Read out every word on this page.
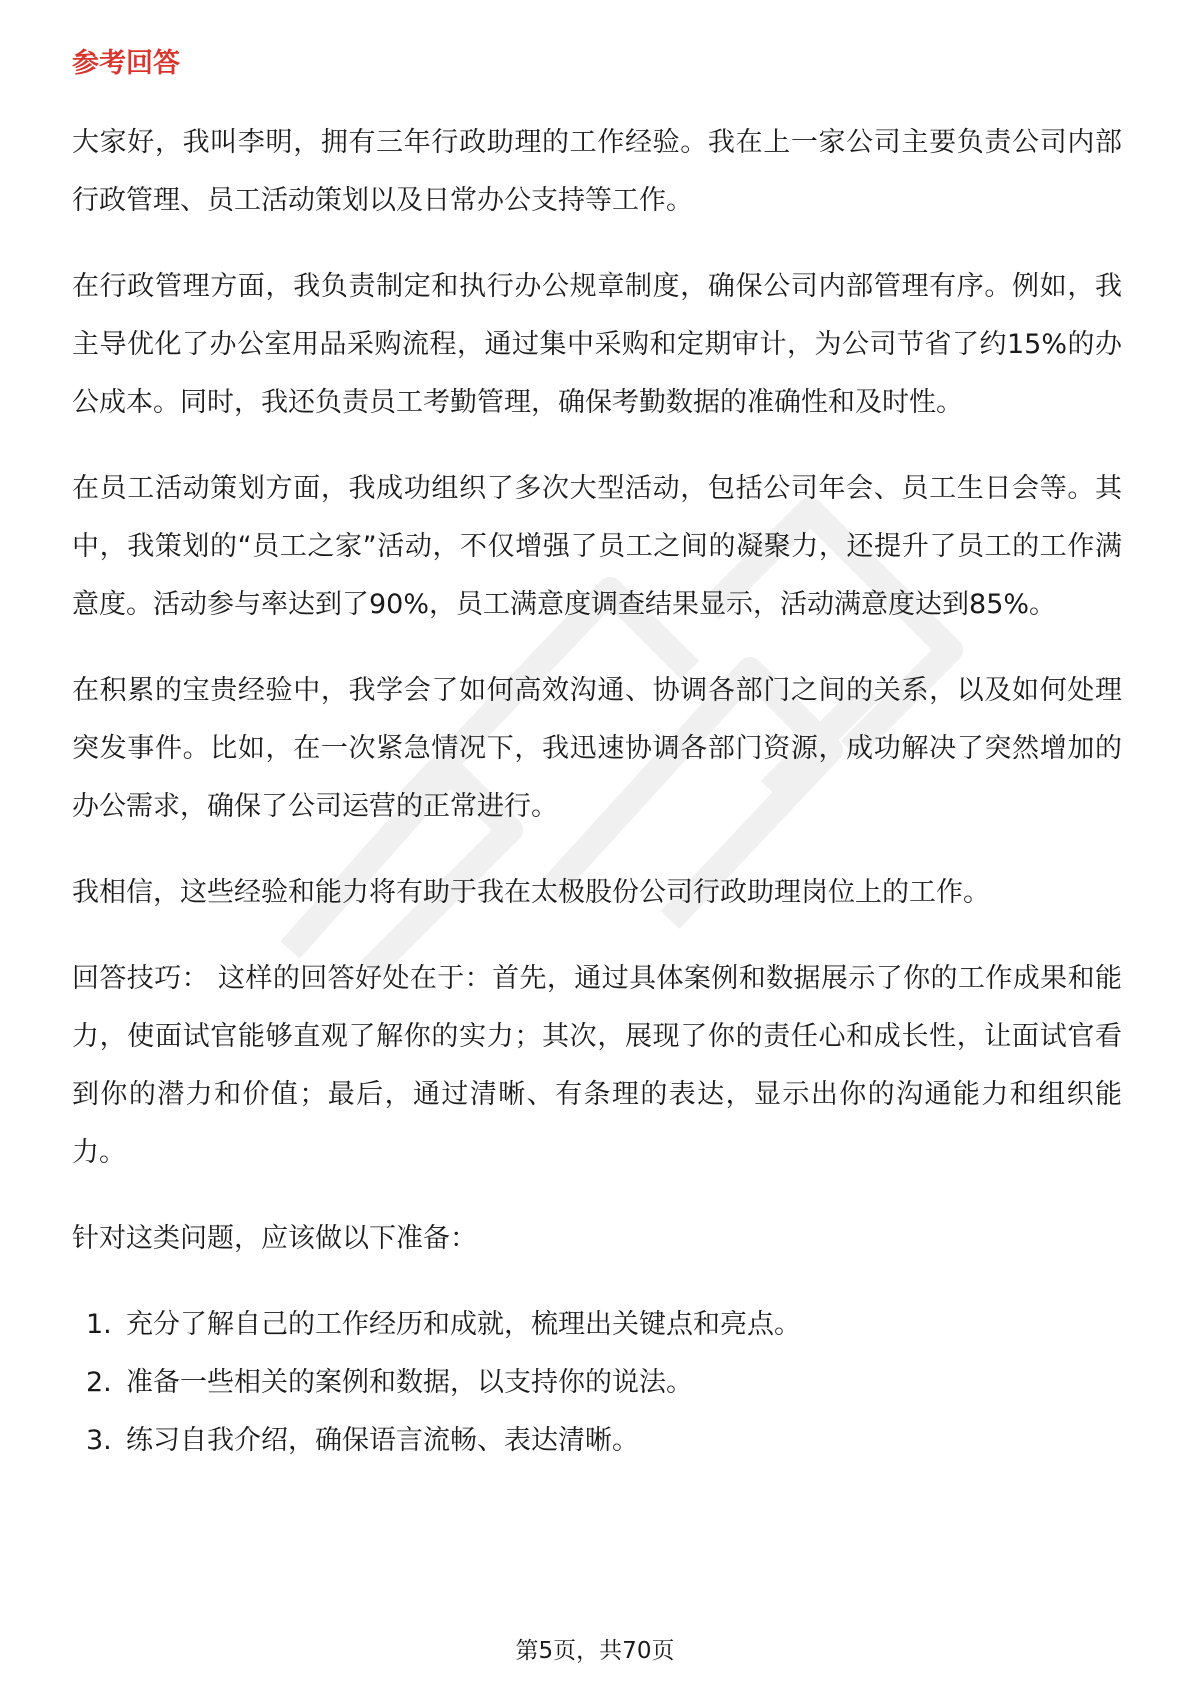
参考回答

大家好，我叫李明，拥有三年行政助理的工作经验。我在上一家公司主要负责公司内部行政管理、员工活动策划以及日常办公支持等工作。

在行政管理方面，我负责制定和执行办公规章制度，确保公司内部管理有序。例如，我主导优化了办公室用品采购流程，通过集中采购和定期审计，为公司节省了约15%的办公成本。同时，我还负责员工考勤管理，确保考勤数据的准确性和及时性。

在员工活动策划方面，我成功组织了多次大型活动，包括公司年会、员工生日会等。其中，我策划的“员工之家”活动，不仅增强了员工之间的凝聚力，还提升了员工的工作满意度。活动参与率达到了90%，员工满意度调查结果显示，活动满意度达到85%。

在积累的宝贵经验中，我学会了如何高效沟通、协调各部门之间的关系，以及如何处理突发事件。比如，在一次紧急情况下，我迅速协调各部门资源，成功解决了突然增加的办公需求，确保了公司运营的正常进行。

我相信，这些经验和能力将有助于我在太极股份公司行政助理岗位上的工作。

回答技巧： 这样的回答好处在于：首先，通过具体案例和数据展示了你的工作成果和能力，使面试官能够直观了解你的实力；其次，展现了你的责任心和成长性，让面试官看到你的潜力和价值；最后，通过清晰、有条理的表达，显示出你的沟通能力和组织能力。

针对这类问题，应该做以下准备：

1. 充分了解自己的工作经历和成就，梳理出关键点和亮点。
2. 准备一些相关的案例和数据，以支持你的说法。
3. 练习自我介绍，确保语言流畅、表达清晰。
第5页，共70页
